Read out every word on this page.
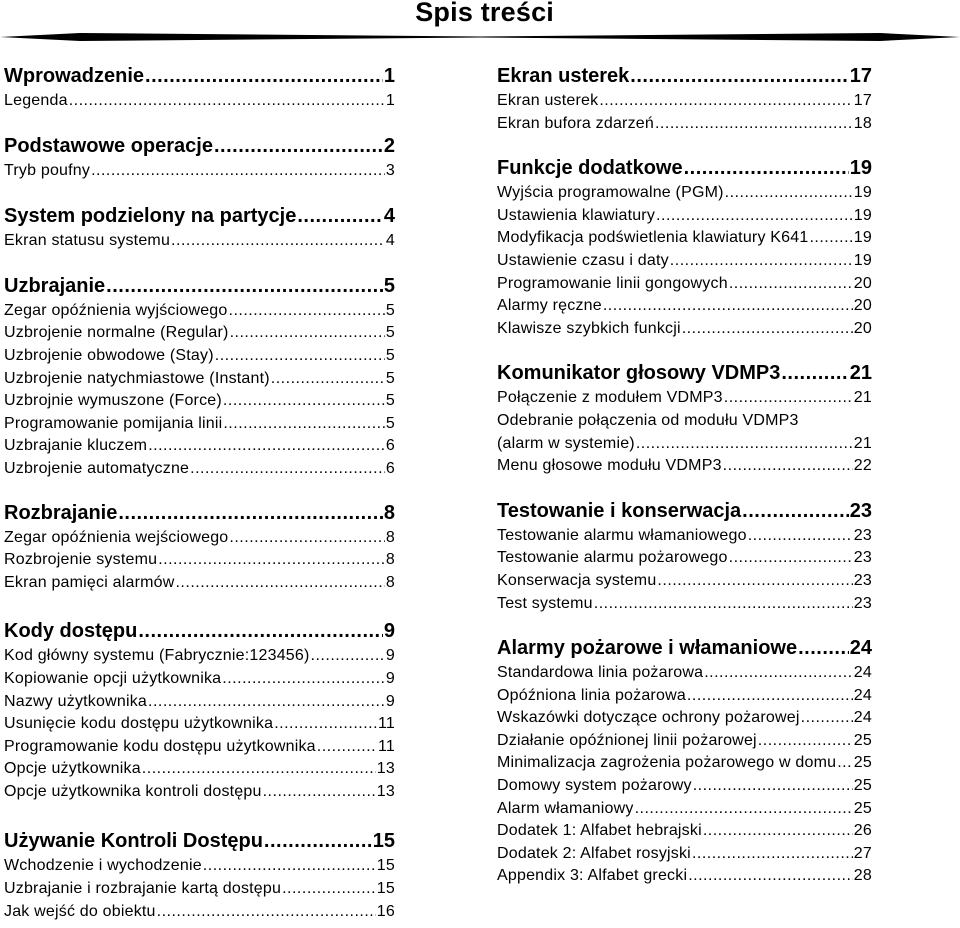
Spis treści
Wprowadzenie .....	1
Legenda .....	1
Podstawowe operacje .....	2
Tryb poufny .....	3
System podzielony na partycje .....	4
Ekran statusu systemu .....	4
Uzbrajanie .....	5
Zegar opóźnienia wyjściowego .....	5
Uzbrojenie normalne (Regular) .....	5
Uzbrojenie obwodowe (Stay) .....	5
Uzbrojenie natychmiastowe (Instant) .....	5
Uzbrojnie wymuszone (Force) .....	5
Programowanie pomijania linii .....	5
Uzbrajanie kluczem .....	6
Uzbrojenie automatyczne .....	6
Rozbrajanie .....	8
Zegar opóźnienia wejściowego .....	8
Rozbrojenie systemu .....	8
Ekran pamięci alarmów .....	8
Kody dostępu .....	9
Kod główny systemu (Fabrycznie:123456) .....	9
Kopiowanie opcji użytkownika .....	9
Nazwy użytkownika .....	9
Usunięcie kodu dostępu użytkownika .....	11
Programowanie kodu dostępu użytkownika .....	11
Opcje użytkownika .....	13
Opcje użytkownika kontroli dostępu .....	13
Używanie Kontroli Dostępu .....	15
Wchodzenie i wychodzenie .....	15
Uzbrajanie i rozbrajanie kartą dostępu .....	15
Jak wejść do obiektu .....	16
Ekran usterek .....	17
Ekran usterek .....	17
Ekran bufora zdarzeń .....	18
Funkcje dodatkowe .....	19
Wyjścia programowalne (PGM) .....	19
Ustawienia klawiatury .....	19
Modyfikacja podświetlenia klawiatury K641 .....	19
Ustawienie czasu i daty .....	19
Programowanie linii gongowych .....	20
Alarmy ręczne .....	20
Klawisze szybkich funkcji .....	20
Komunikator głosowy VDMP3 .....	21
Połączenie z modułem VDMP3 .....	21
Odebranie połączenia od modułu VDMP3
(alarm w systemie) .....	21
Menu głosowe modułu VDMP3 .....	22
Testowanie i konserwacja .....	23
Testowanie alarmu włamaniowego .....	23
Testowanie alarmu pożarowego .....	23
Konserwacja systemu .....	23
Test systemu .....	23
Alarmy pożarowe i włamaniowe .....	24
Standardowa linia pożarowa .....	24
Opóźniona linia pożarowa .....	24
Wskazówki dotyczące ochrony pożarowej .....	24
Działanie opóźnionej linii pożarowej .....	25
Minimalizacja zagrożenia pożarowego w domu ..... 25
Domowy system pożarowy .....	25
Alarm włamaniowy .....	25
Dodatek 1: Alfabet hebrajski .....	26
Dodatek 2: Alfabet rosyjski .....	27
Appendix 3: Alfabet grecki .....	28
